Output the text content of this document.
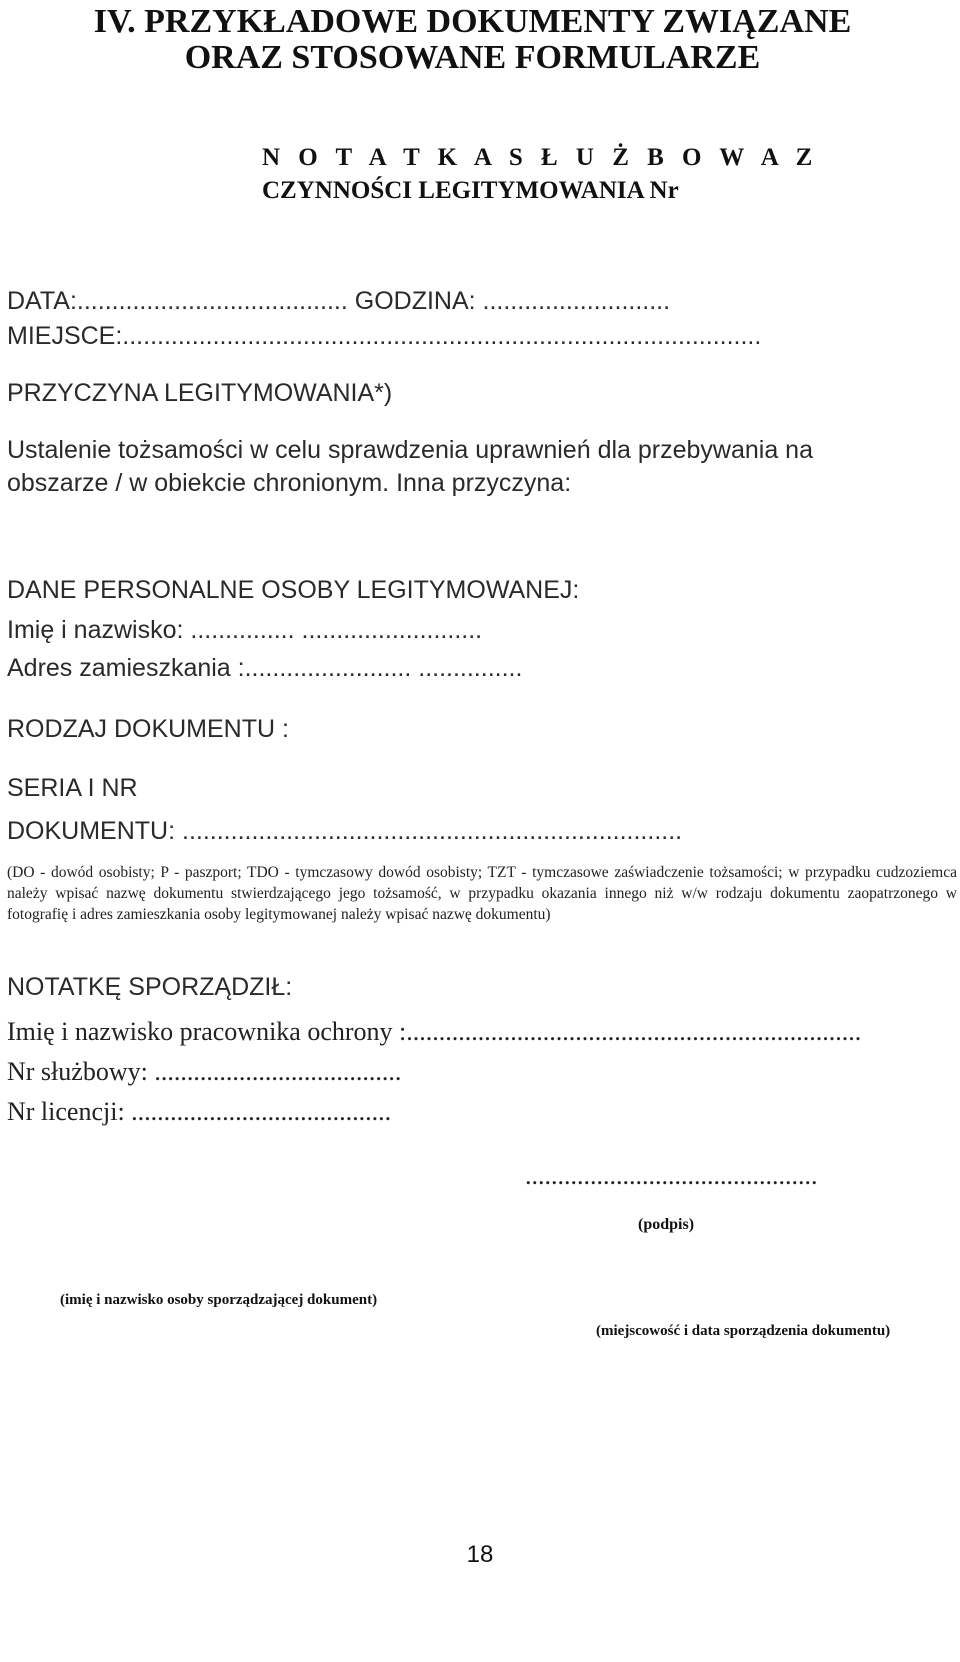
IV. PRZYKŁADOWE DOKUMENTY ZWIĄZANE
ORAZ STOSOWANE FORMULARZE
N O T A T K A S Ł U Ż B O W A Z
CZYNNOŚCI LEGITYMOWANIA Nr
DATA:....................................... GODZINA: ...........................
MIEJSCE:............................................................................................
PRZYCZYNA LEGITYMOWANIA*)
Ustalenie tożsamości w celu sprawdzenia uprawnień dla przebywania na obszarze / w obiekcie chronionym. Inna przyczyna:
DANE PERSONALNE OSOBY LEGITYMOWANEJ:
Imię i nazwisko: ............... ..........................
Adres zamieszkania :........................ ...............
RODZAJ DOKUMENTU :
SERIA I NR
DOKUMENTU: ........................................................................
(DO - dowód osobisty; P - paszport; TDO - tymczasowy dowód osobisty; TZT - tymczasowe zaświadczenie tożsamości; w przypadku cudzoziemca należy wpisać nazwę dokumentu stwierdzającego jego tożsamość, w przypadku okazania innego niż w/w rodzaju dokumentu zaopatrzonego w fotografię i adres zamieszkania osoby legitymowanej należy wpisać nazwę dokumentu)
NOTATKĘ SPORZĄDZIŁ:
Imię i nazwisko pracownika ochrony :......................................................................
Nr służbowy: ......................................
Nr licencji: ........................................
.............................................
(podpis)
(imię i nazwisko osoby sporządzającej dokument)
(miejscowość i data sporządzenia dokumentu)
18
